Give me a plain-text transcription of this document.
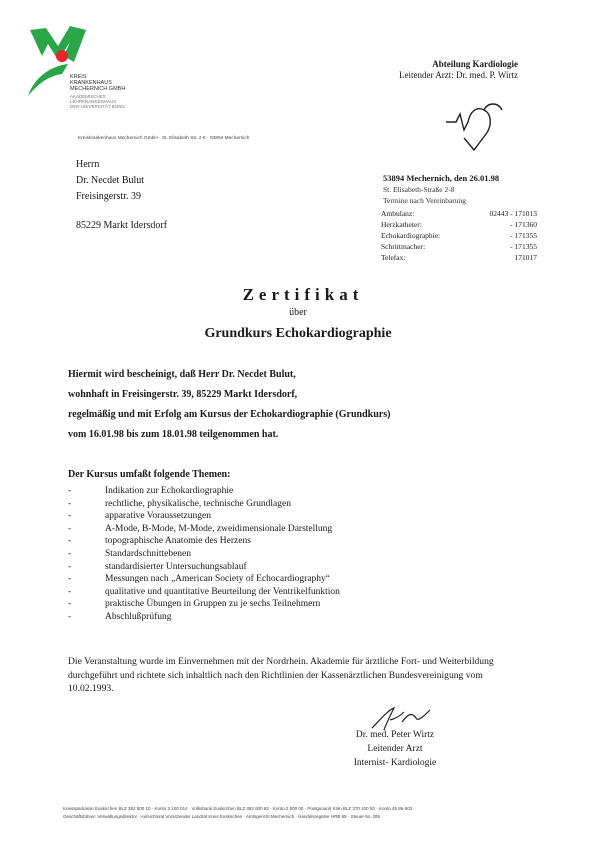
KREIS
KRANKENHAUS
MECHERNICH GMBH
AKADEMISCHES
LEHRKRANKENHAUS
DER UNIVERSITÄT BONN
Abteilung Kardiologie
Leitender Arzt: Dr. med. P. Wirtz
Kreiskrankenhaus Mechernich GmbH · St. Elisabeth Str. 2-8 · 53894 Mechernich
Herrn
Dr. Necdet Bulut
Freisingerstr. 39
85229 Markt Idersdorf
53894 Mechernich, den 26.01.98
St. Elisabeth-Straße 2-8
Termine nach Vereinbarung
Ambulanz:	02443 - 171013
Herzkatheter:	- 171360
Echokardiographie:	- 171355
Schrittmacher:	- 171355
Telefax:	171017
Zertifikat
über
Grundkurs Echokardiographie
Hiermit wird bescheinigt, daß Herr Dr. Necdet Bulut,
wohnhaft in Freisingerstr. 39, 85229 Markt Idersdorf,
regelmäßig und mit Erfolg am Kursus der Echokardiographie (Grundkurs)
vom 16.01.98 bis zum 18.01.98 teilgenommen hat.
Der Kursus umfaßt folgende Themen:
-	Indikation zur Echokardiographie
-	rechtliche, physikalische, technische Grundlagen
-	apparative Voraussetzungen
-	A-Mode, B-Mode, M-Mode, zweidimensionale Darstellung
-	topographische Anatomie des Herzens
-	Standardschnittebenen
-	standardisierter Untersuchungsablauf
-	Messungen nach „American Society of Echocardiography“
-	qualitative und quantitative Beurteilung der Ventrikelfunktion
-	praktische Übungen in Gruppen zu je sechs Teilnehmern
-	Abschlußprüfung

Die Veranstaltung wurde im Einvernehmen mit der Nordrhein. Akademie für ärztliche Fort- und Weiterbildung durchgeführt und richtete sich inhaltlich nach den Richtlinien der Kassenärztlichen Bundesvereinigung vom 10.02.1993.

Dr. med. Peter Wirtz
Leitender Arzt
Internist- Kardiologie
Kreissparkasse Euskirchen BLZ 382 500 10 · Konto 3 100 014 · Volksbank Euskirchen BLZ 382 600 82 · Konto 2 000 00 · Postgiroamt Köln BLZ 370 100 50 · Konto 45 86-503
Geschäftsführer: Verwaltungsdirektor · Aufsichtsrat Vorsitzender Landrat Kreis Euskirchen · Amtsgericht Mechernich · Handelsregister HRB 65 · Steuer-Nr. 209
